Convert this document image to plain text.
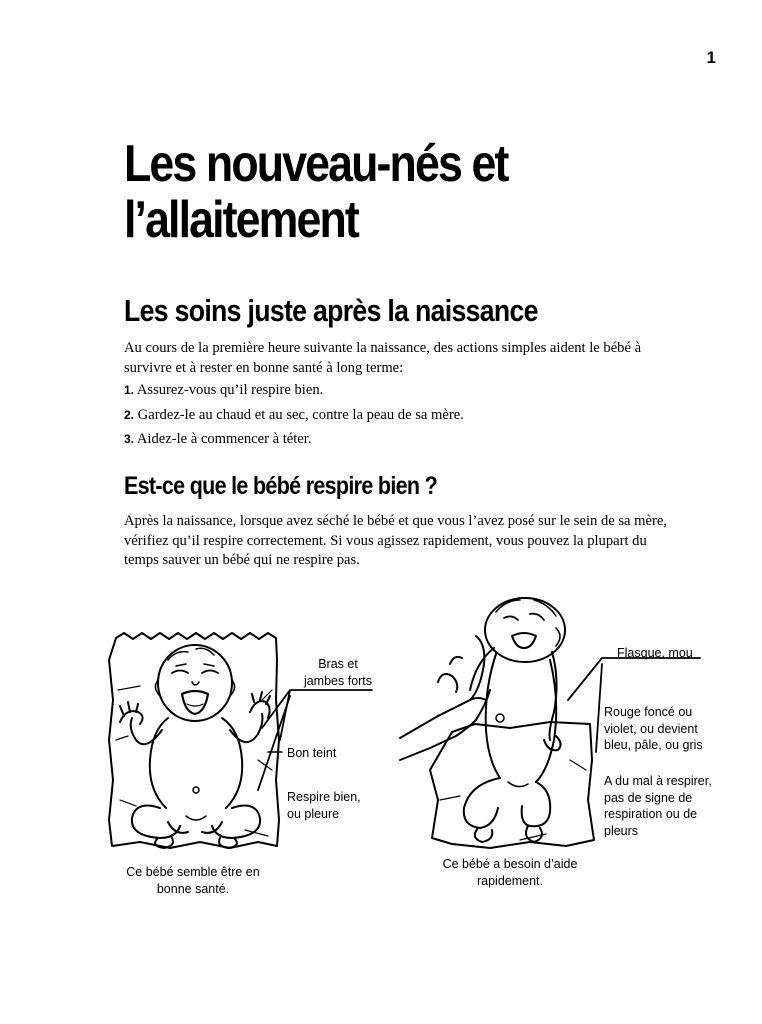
1
Les nouveau-nés et l’allaitement
Les soins juste après la naissance

Au cours de la première heure suivante la naissance, des actions simples aident le bébé à survivre et à rester en bonne santé à long terme:

1. Assurez-vous qu’il respire bien.
2. Gardez-le au chaud et au sec, contre la peau de sa mère.
3. Aidez-le à commencer à téter.
Est-ce que le bébé respire bien ?

Après la naissance, lorsque avez séché le bébé et que vous l’avez posé sur le sein de sa mère, vérifiez qu’il respire correctement. Si vous agissez rapidement, vous pouvez la plupart du temps sauver un bébé qui ne respire pas.

Bras et
jambes forts

Bon teint

Respire bien,
ou pleure

Ce bébé semble être en
bonne santé.

Flasque, mou

Rouge foncé ou
violet, ou devient
bleu, pâle, ou gris

A du mal à respirer,
pas de signe de
respiration ou de
pleurs

Ce bébé a besoin d’aide
rapidement.
